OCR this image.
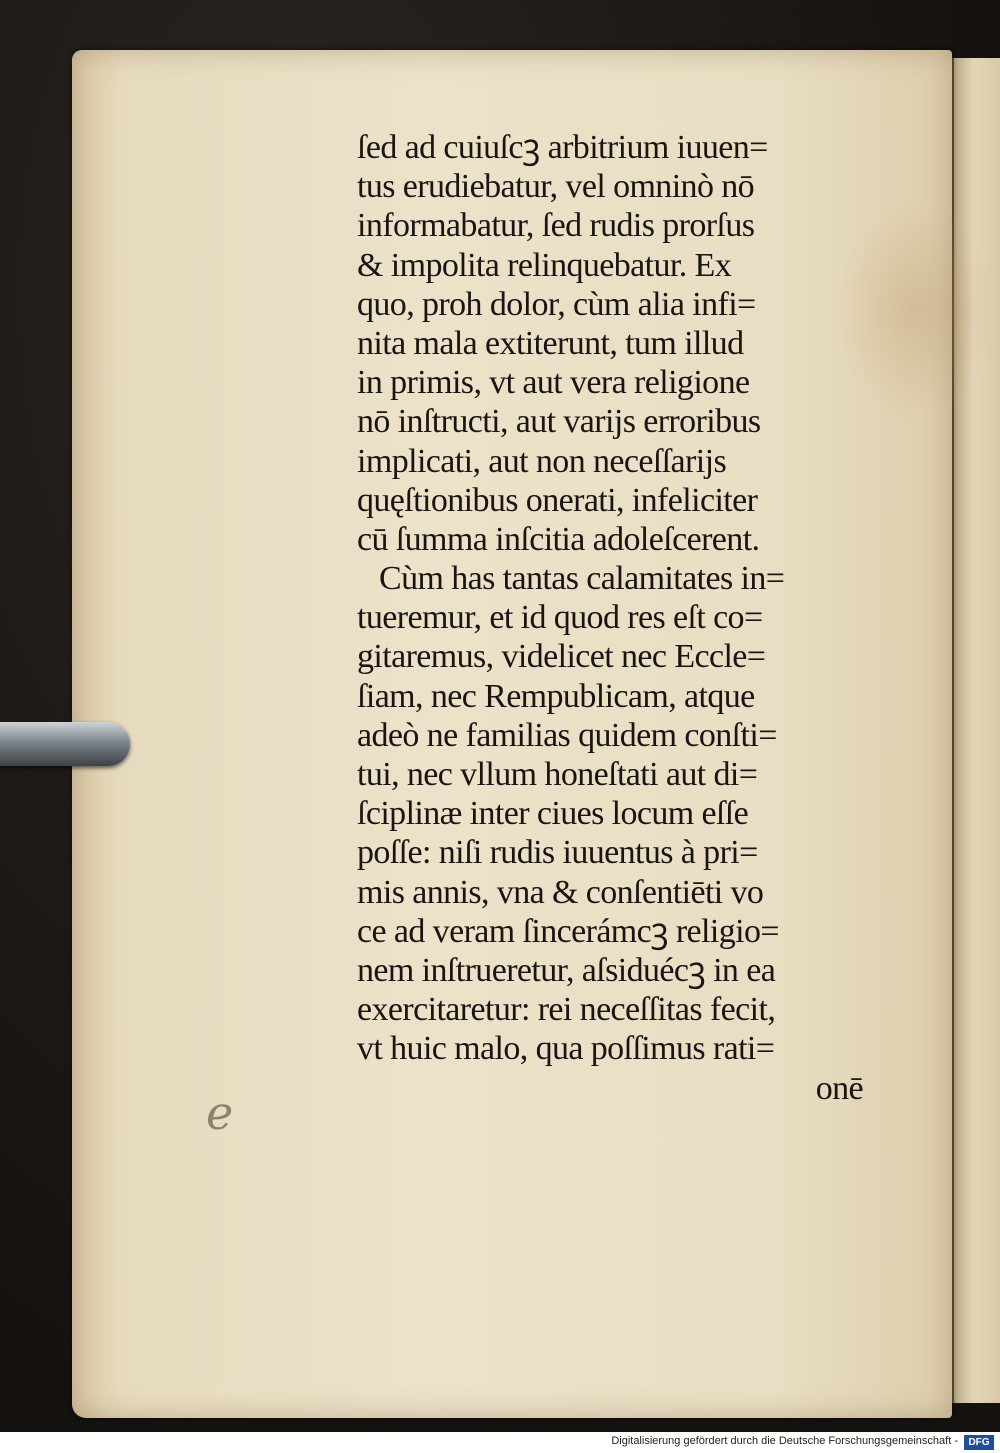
ſed ad cuiuſcꝫ arbitrium iuuen=
tus erudiebatur, vel omninò nō
informabatur, ſed rudis prorſus
& impolita relinquebatur. Ex
quo, proh dolor, cùm alia infi=
nita mala extiterunt, tum illud
in primis, vt aut vera religione
nō inſtructi, aut varijs erroribus
implicati, aut non neceſſarijs
quęſtionibus onerati, infeliciter
cū ſumma inſcitia adoleſcerent.
Cùm has tantas calamitates in=
tueremur, et id quod res eſt co=
gitaremus, videlicet nec Eccle=
ſiam, nec Rempublicam, atque
adeò ne familias quidem conſti=
tui, nec vllum honeſtati aut di=
ſciplinæ inter ciues locum eſſe
poſſe: niſi rudis iuuentus à pri=
mis annis, vna & conſentiēti vo
ce ad veram ſincerámcꝫ religio=
nem inſtrueretur, aſsiduécꝫ in ea
exercitaretur: rei neceſſitas fecit,
vt huic malo, qua poſſimus rati=
onē
e
Digitalisierung gefördert durch die Deutsche Forschungsgemeinschaft -	DFG
